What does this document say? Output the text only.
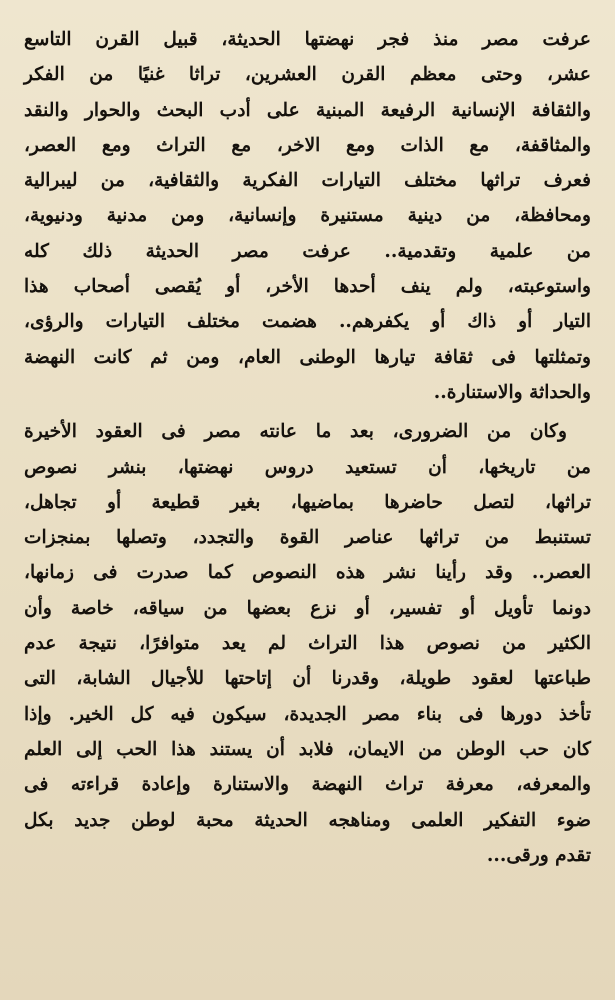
عرفت مصر منذ فجر نهضتها الحديثة، قبيل القرن التاسع
عشر، وحتى معظم القرن العشرين، تراثا غنيًا من الفكر
والثقافة الإنسانية الرفيعة المبنية على أدب البحث والحوار والنقد
والمثاقفة، مع الذات ومع الاخر، مع التراث ومع العصر،
فعرف تراثها مختلف التيارات الفكرية والثقافية، من ليبرالية
ومحافظة، من دينية مستنيرة وإنسانية، ومن مدنية ودنيوية،
من علمية وتقدمية.. عرفت مصر الحديثة ذلك كله
واستوعبته، ولم ينف أحدها الأخر، أو يُقصى أصحاب هذا
التيار أو ذاك أو يكفرهم.. هضمت مختلف التيارات والرؤى،
وتمثلتها فى ثقافة تيارها الوطنى العام، ومن ثم كانت النهضة
والحداثة والاستنارة..
وكان من الضرورى، بعد ما عانته مصر فى العقود الأخيرة
من تاريخها، أن تستعيد دروس نهضتها، بنشر نصوص
تراثها، لتصل حاضرها بماضيها، بغير قطيعة أو تجاهل،
تستنبط من تراثها عناصر القوة والتجدد، وتصلها بمنجزات
العصر.. وقد رأينا نشر هذه النصوص كما صدرت فى زمانها،
دونما تأويل أو تفسير، أو نزع بعضها من سياقه، خاصة وأن
الكثير من نصوص هذا التراث لم يعد متوافرًا، نتيجة عدم
طباعتها لعقود طويلة، وقدرنا أن إتاحتها للأجيال الشابة، التى
تأخذ دورها فى بناء مصر الجديدة، سيكون فيه كل الخير. وإذا
كان حب الوطن من الايمان، فلابد أن يستند هذا الحب إلى العلم
والمعرفه، معرفة تراث النهضة والاستنارة وإعادة قراءته فى
ضوء التفكير العلمى ومناهجه الحديثة محبة لوطن جديد بكل
تقدم ورقى...
